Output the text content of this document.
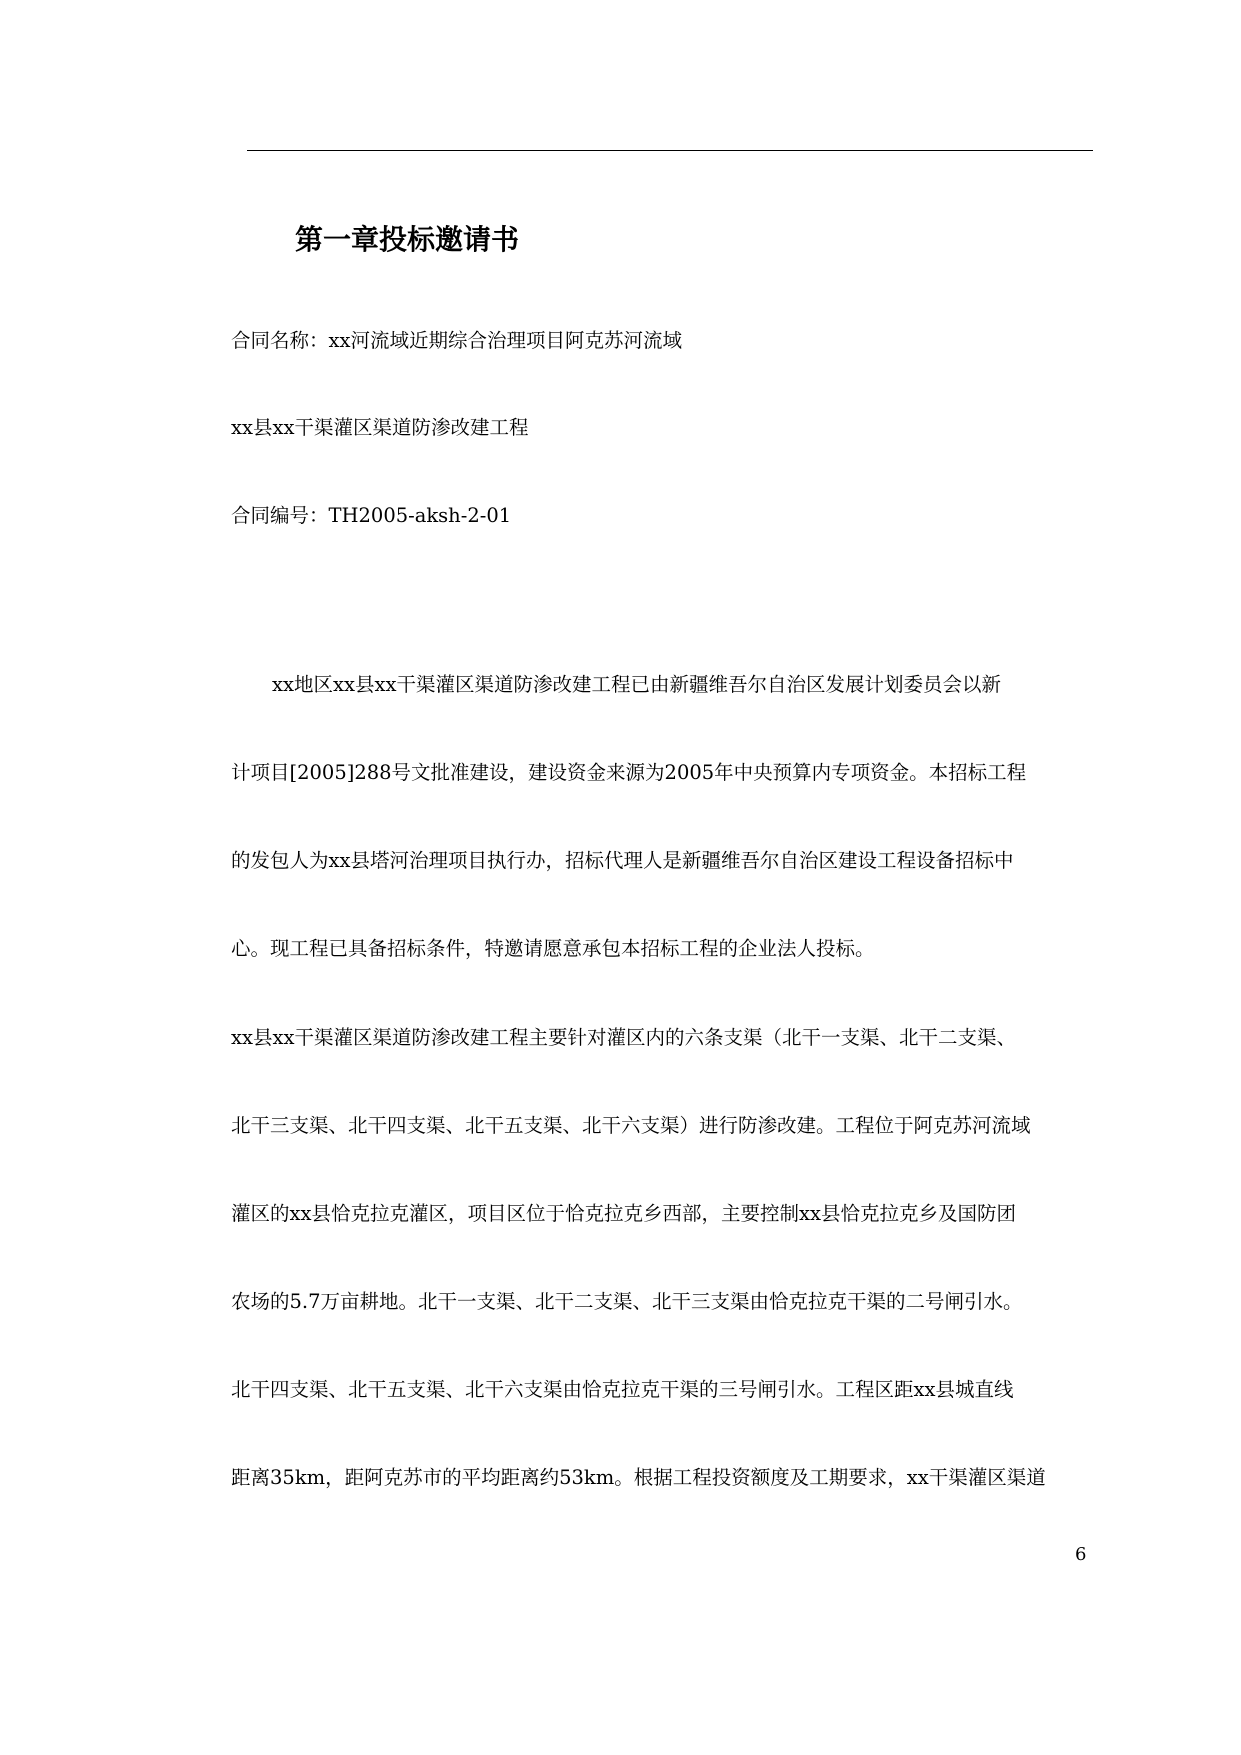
第一章投标邀请书
合同名称：xx河流域近期综合治理项目阿克苏河流域
xx县xx干渠灌区渠道防渗改建工程
合同编号：TH2005-aksh-2-01
xx地区xx县xx干渠灌区渠道防渗改建工程已由新疆维吾尔自治区发展计划委员会以新
计项目[2005]288号文批准建设，建设资金来源为2005年中央预算内专项资金。本招标工程
的发包人为xx县塔河治理项目执行办，招标代理人是新疆维吾尔自治区建设工程设备招标中
心。现工程已具备招标条件，特邀请愿意承包本招标工程的企业法人投标。
xx县xx干渠灌区渠道防渗改建工程主要针对灌区内的六条支渠（北干一支渠、北干二支渠、
北干三支渠、北干四支渠、北干五支渠、北干六支渠）进行防渗改建。工程位于阿克苏河流域
灌区的xx县恰克拉克灌区，项目区位于恰克拉克乡西部，主要控制xx县恰克拉克乡及国防团
农场的5.7万亩耕地。北干一支渠、北干二支渠、北干三支渠由恰克拉克干渠的二号闸引水。
北干四支渠、北干五支渠、北干六支渠由恰克拉克干渠的三号闸引水。工程区距xx县城直线
距离35km，距阿克苏市的平均距离约53km。根据工程投资额度及工期要求，xx干渠灌区渠道
6
